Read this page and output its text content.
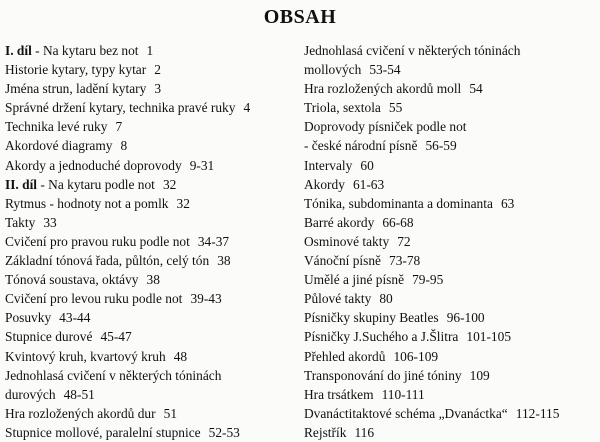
OBSAH
I. díl - Na kytaru bez not 1
Historie kytary, typy kytar 2
Jména strun, ladění kytary 3
Správné držení kytary, technika pravé ruky 4
Technika levé ruky 7
Akordové diagramy 8
Akordy a jednoduché doprovody 9-31
II. díl - Na kytaru podle not 32
Rytmus - hodnoty not a pomlk 32
Takty 33
Cvičení pro pravou ruku podle not 34-37
Základní tónová řada, půltón, celý tón 38
Tónová soustava, oktávy 38
Cvičení pro levou ruku podle not 39-43
Posuvky 43-44
Stupnice durové 45-47
Kvintový kruh, kvartový kruh 48
Jednohlasá cvičení v některých tóninách
durových 48-51
Hra rozložených akordů dur 51
Stupnice mollové, paralelní stupnice 52-53
Jednohlasá cvičení v některých tóninách
mollových 53-54
Hra rozložených akordů moll 54
Triola, sextola 55
Doprovody písniček podle not
- české národní písně 56-59
Intervaly 60
Akordy 61-63
Tónika, subdominanta a dominanta 63
Barré akordy 66-68
Osminové takty 72
Vánoční písně 73-78
Umělé a jiné písně 79-95
Půlové takty 80
Písničky skupiny Beatles 96-100
Písničky J.Suchého a J.Šlitra 101-105
Přehled akordů 106-109
Transponování do jiné tóniny 109
Hra trsátkem 110-111
Dvanáctitaktové schéma „Dvanáctka“ 112-115
Rejstřík 116
